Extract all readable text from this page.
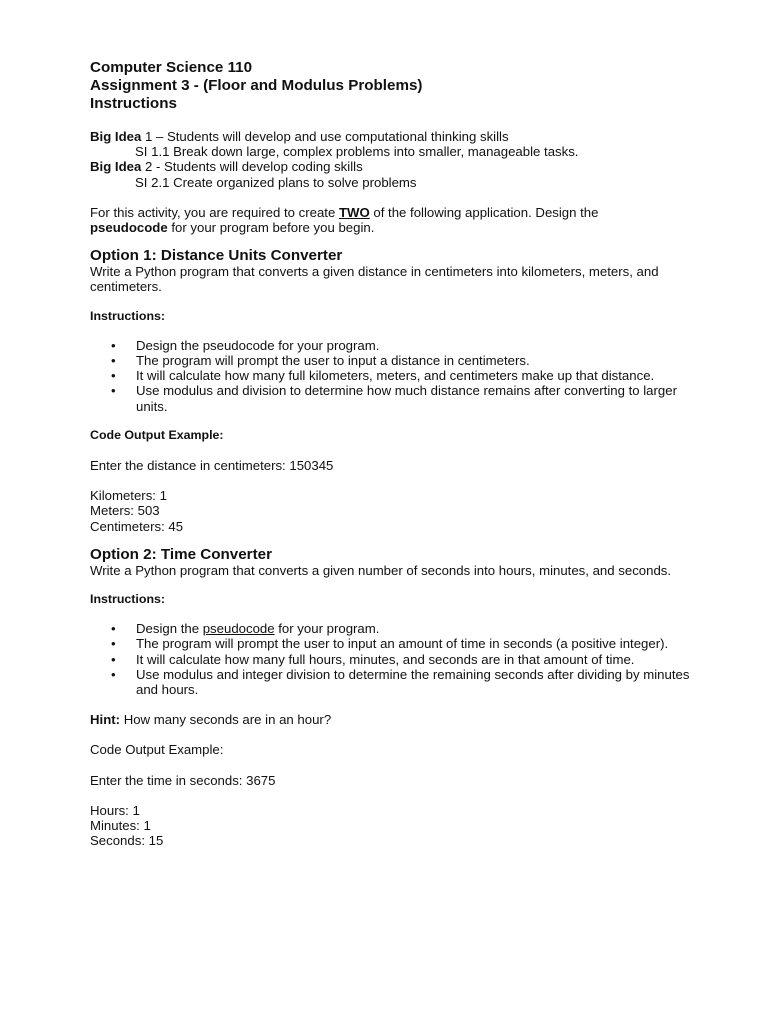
Computer Science 110
Assignment 3 - (Floor and Modulus Problems)
Instructions
Big Idea 1 – Students will develop and use computational thinking skills
SI 1.1 Break down large, complex problems into smaller, manageable tasks.
Big Idea 2 - Students will develop coding skills
SI 2.1 Create organized plans to solve problems
For this activity, you are required to create TWO of the following application. Design the
pseudocode for your program before you begin.
Option 1: Distance Units Converter
Write a Python program that converts a given distance in centimeters into kilometers, meters, and centimeters.
Instructions:
• Design the pseudocode for your program.
• The program will prompt the user to input a distance in centimeters.
• It will calculate how many full kilometers, meters, and centimeters make up that distance.
• Use modulus and division to determine how much distance remains after converting to larger units.
Code Output Example:
Enter the distance in centimeters: 150345
Kilometers: 1
Meters: 503
Centimeters: 45
Option 2: Time Converter
Write a Python program that converts a given number of seconds into hours, minutes, and seconds.
Instructions:
• Design the pseudocode for your program.
• The program will prompt the user to input an amount of time in seconds (a positive integer).
• It will calculate how many full hours, minutes, and seconds are in that amount of time.
• Use modulus and integer division to determine the remaining seconds after dividing by minutes and hours.
Hint: How many seconds are in an hour?
Code Output Example:
Enter the time in seconds: 3675
Hours: 1
Minutes: 1
Seconds: 15
